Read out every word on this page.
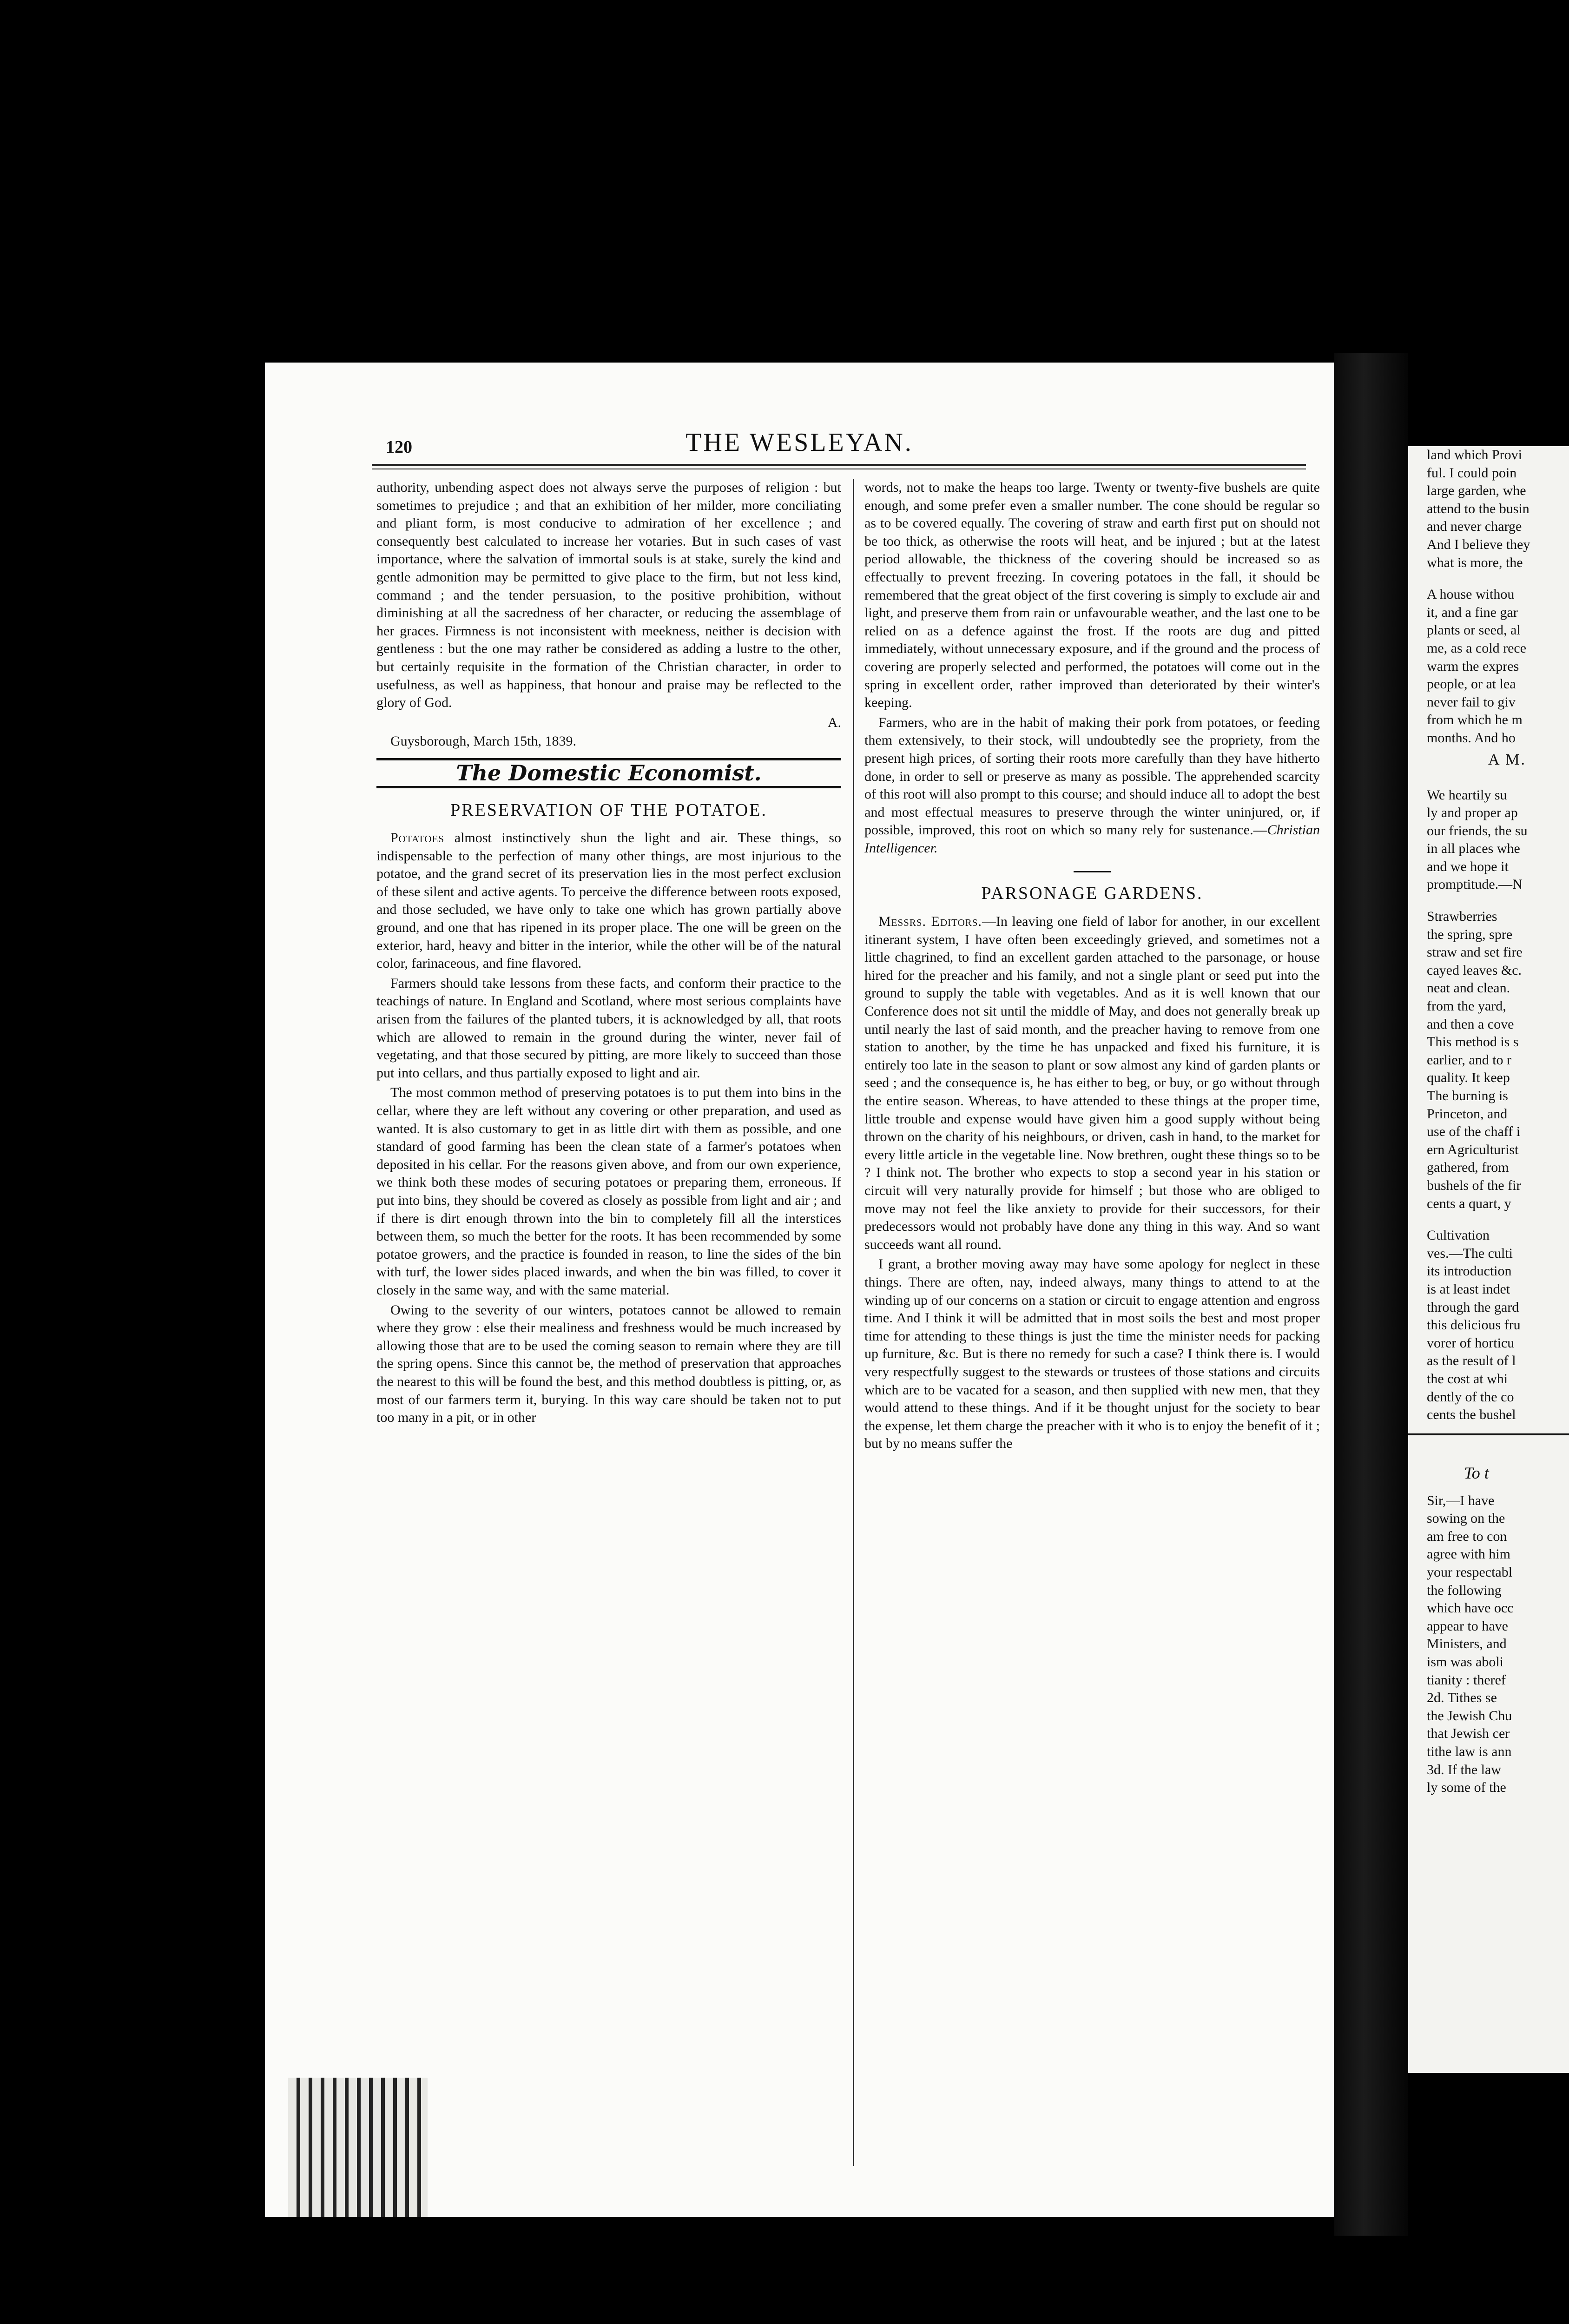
120	THE WESLEYAN.

authority, unbending aspect does not always serve the purposes of religion : but sometimes to prejudice ; and that an exhibition of her milder, more conciliating and pliant form, is most conducive to admiration of her excellence ; and consequently best calculated to increase her votaries. But in such cases of vast importance, where the salvation of immortal souls is at stake, surely the kind and gentle admonition may be permitted to give place to the firm, but not less kind, command ; and the tender persuasion, to the positive prohibition, without diminishing at all the sacredness of her character, or reducing the assemblage of her graces. Firmness is not inconsistent with meekness, neither is decision with gentleness : but the one may rather be considered as adding a lustre to the other, but certainly requisite in the formation of the Christian character, in order to usefulness, as well as happiness, that honour and praise may be reflected to the glory of God.

A.
Guysborough, March 15th, 1839.
The Domestic Economist.
PRESERVATION OF THE POTATOE.

Potatoes almost instinctively shun the light and air. These things, so indispensable to the perfection of many other things, are most injurious to the potatoe, and the grand secret of its preservation lies in the most perfect exclusion of these silent and active agents. To perceive the difference between roots exposed, and those secluded, we have only to take one which has grown partially above ground, and one that has ripened in its proper place. The one will be green on the exterior, hard, heavy and bitter in the interior, while the other will be of the natural color, farinaceous, and fine flavored.

Farmers should take lessons from these facts, and conform their practice to the teachings of nature. In England and Scotland, where most serious complaints have arisen from the failures of the planted tubers, it is acknowledged by all, that roots which are allowed to remain in the ground during the winter, never fail of vegetating, and that those secured by pitting, are more likely to succeed than those put into cellars, and thus partially exposed to light and air.

The most common method of preserving potatoes is to put them into bins in the cellar, where they are left without any covering or other preparation, and used as wanted. It is also customary to get in as little dirt with them as possible, and one standard of good farming has been the clean state of a farmer's potatoes when deposited in his cellar. For the reasons given above, and from our own experience, we think both these modes of securing potatoes or preparing them, erroneous. If put into bins, they should be covered as closely as possible from light and air ; and if there is dirt enough thrown into the bin to completely fill all the interstices between them, so much the better for the roots. It has been recommended by some potatoe growers, and the practice is founded in reason, to line the sides of the bin with turf, the lower sides placed inwards, and when the bin was filled, to cover it closely in the same way, and with the same material.

Owing to the severity of our winters, potatoes cannot be allowed to remain where they grow : else their mealiness and freshness would be much increased by allowing those that are to be used the coming season to remain where they are till the spring opens. Since this cannot be, the method of preservation that approaches the nearest to this will be found the best, and this method doubtless is pitting, or, as most of our farmers term it, burying. In this way care should be taken not to put too many in a pit, or in other

words, not to make the heaps too large. Twenty or twenty-five bushels are quite enough, and some prefer even a smaller number. The cone should be regular so as to be covered equally. The covering of straw and earth first put on should not be too thick, as otherwise the roots will heat, and be injured ; but at the latest period allowable, the thickness of the covering should be increased so as effectually to prevent freezing. In covering potatoes in the fall, it should be remembered that the great object of the first covering is simply to exclude air and light, and preserve them from rain or unfavourable weather, and the last one to be relied on as a defence against the frost. If the roots are dug and pitted immediately, without unnecessary exposure, and if the ground and the process of covering are properly selected and performed, the potatoes will come out in the spring in excellent order, rather improved than deteriorated by their winter's keeping.

Farmers, who are in the habit of making their pork from potatoes, or feeding them extensively, to their stock, will undoubtedly see the propriety, from the present high prices, of sorting their roots more carefully than they have hitherto done, in order to sell or preserve as many as possible. The apprehended scarcity of this root will also prompt to this course; and should induce all to adopt the best and most effectual measures to preserve through the winter uninjured, or, if possible, improved, this root on which so many rely for sustenance.—Christian Intelligencer.

PARSONAGE GARDENS.

Messrs. Editors.—In leaving one field of labor for another, in our excellent itinerant system, I have often been exceedingly grieved, and sometimes not a little chagrined, to find an excellent garden attached to the parsonage, or house hired for the preacher and his family, and not a single plant or seed put into the ground to supply the table with vegetables. And as it is well known that our Conference does not sit until the middle of May, and does not generally break up until nearly the last of said month, and the preacher having to remove from one station to another, by the time he has unpacked and fixed his furniture, it is entirely too late in the season to plant or sow almost any kind of garden plants or seed ; and the consequence is, he has either to beg, or buy, or go without through the entire season. Whereas, to have attended to these things at the proper time, little trouble and expense would have given him a good supply without being thrown on the charity of his neighbours, or driven, cash in hand, to the market for every little article in the vegetable line. Now brethren, ought these things so to be ? I think not. The brother who expects to stop a second year in his station or circuit will very naturally provide for himself ; but those who are obliged to move may not feel the like anxiety to provide for their successors, for their predecessors would not probably have done any thing in this way. And so want succeeds want all round.

I grant, a brother moving away may have some apology for neglect in these things. There are often, nay, indeed always, many things to attend to at the winding up of our concerns on a station or circuit to engage attention and engross time. And I think it will be admitted that in most soils the best and most proper time for attending to these things is just the time the minister needs for packing up furniture, &c. But is there no remedy for such a case? I think there is. I would very respectfully suggest to the stewards or trustees of those stations and circuits which are to be vacated for a season, and then supplied with new men, that they would attend to these things. And if it be thought unjust for the society to bear the expense, let them charge the preacher with it who is to enjoy the benefit of it ; but by no means suffer the

land which Provi
ful. I could poin
large garden, whe
attend to the busin
and never charge
And I believe they
what is more, the
A house withou
it, and a fine gar
plants or seed, al
me, as a cold rece
warm the expres
people, or at lea
never fail to giv
from which he m
months. And ho
A M.
We heartily su
ly and proper ap
our friends, the su
in all places whe
and we hope it
promptitude.—N
Strawberries
the spring, spre
straw and set fire
cayed leaves &c.
neat and clean.
from the yard,
and then a cove
This method is s
earlier, and to r
quality. It keep
The burning is
Princeton, and
use of the chaff i
ern Agriculturist
gathered, from
bushels of the fir
cents a quart, y
Cultivation
ves.—The culti
its introduction
is at least indet
through the gard
this delicious fru
vorer of horticu
as the result of l
the cost at whi
dently of the co
cents the bushel
To t
Sir,—I have
sowing on the
am free to con
agree with him
your respectabl
the following
which have occ
appear to have
Ministers, and
ism was aboli
tianity : theref
2d. Tithes se
the Jewish Chu
that Jewish cer
tithe law is ann
3d. If the law
ly some of the
